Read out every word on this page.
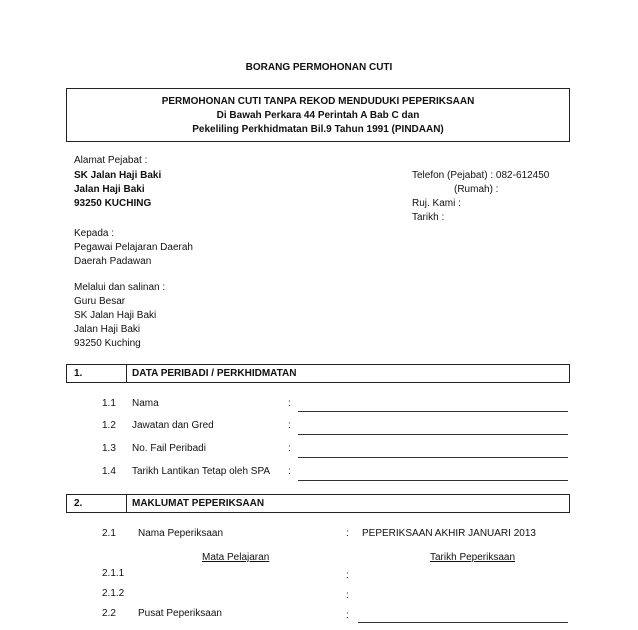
BORANG PERMOHONAN CUTI
PERMOHONAN CUTI TANPA REKOD MENDUDUKI PEPERIKSAAN
Di Bawah Perkara 44 Perintah A Bab C dan
Pekeliling Perkhidmatan Bil.9 Tahun 1991 (PINDAAN)
Alamat Pejabat :
SK Jalan Haji Baki
Jalan Haji Baki
93250 KUCHING
Telefon (Pejabat) : 082-612450
(Rumah) :
Ruj. Kami :
Tarikh :
Kepada :
Pegawai Pelajaran Daerah
Daerah Padawan
Melalui dan salinan :
Guru Besar
SK Jalan Haji Baki
Jalan Haji Baki
93250 Kuching
1.	DATA PERIBADI / PERKHIDMATAN
1.1 Nama	:
1.2 Jawatan dan Gred	:
1.3 No. Fail Peribadi	:
1.4 Tarikh Lantikan Tetap oleh SPA :
2.	MAKLUMAT PEPERIKSAAN
2.1 Nama Peperiksaan	: PEPERIKSAAN AKHIR JANUARI 2013
Mata Pelajaran	Tarikh Peperiksaan
2.1.1	:
2.1.2	:
2.2 Pusat Peperiksaan	:
